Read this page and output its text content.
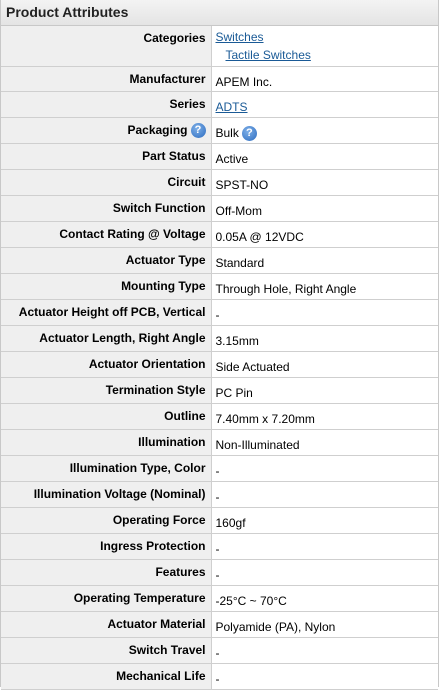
Product Attributes
Categories	Switches
Tactile Switches

Manufacturer	APEM Inc.
Series	ADTS
Packaging ?	Bulk ?
Part Status	Active
Circuit	SPST-NO
Switch Function	Off-Mom
Contact Rating @ Voltage	0.05A @ 12VDC
Actuator Type	Standard
Mounting Type	Through Hole, Right Angle
Actuator Height off PCB, Vertical	-
Actuator Length, Right Angle	3.15mm
Actuator Orientation	Side Actuated
Termination Style	PC Pin
Outline	7.40mm x 7.20mm
Illumination	Non-Illuminated
Illumination Type, Color	-
Illumination Voltage (Nominal)	-
Operating Force	160gf
Ingress Protection	-
Features	-
Operating Temperature	-25°C ~ 70°C
Actuator Material	Polyamide (PA), Nylon
Switch Travel	-
Mechanical Life	-
